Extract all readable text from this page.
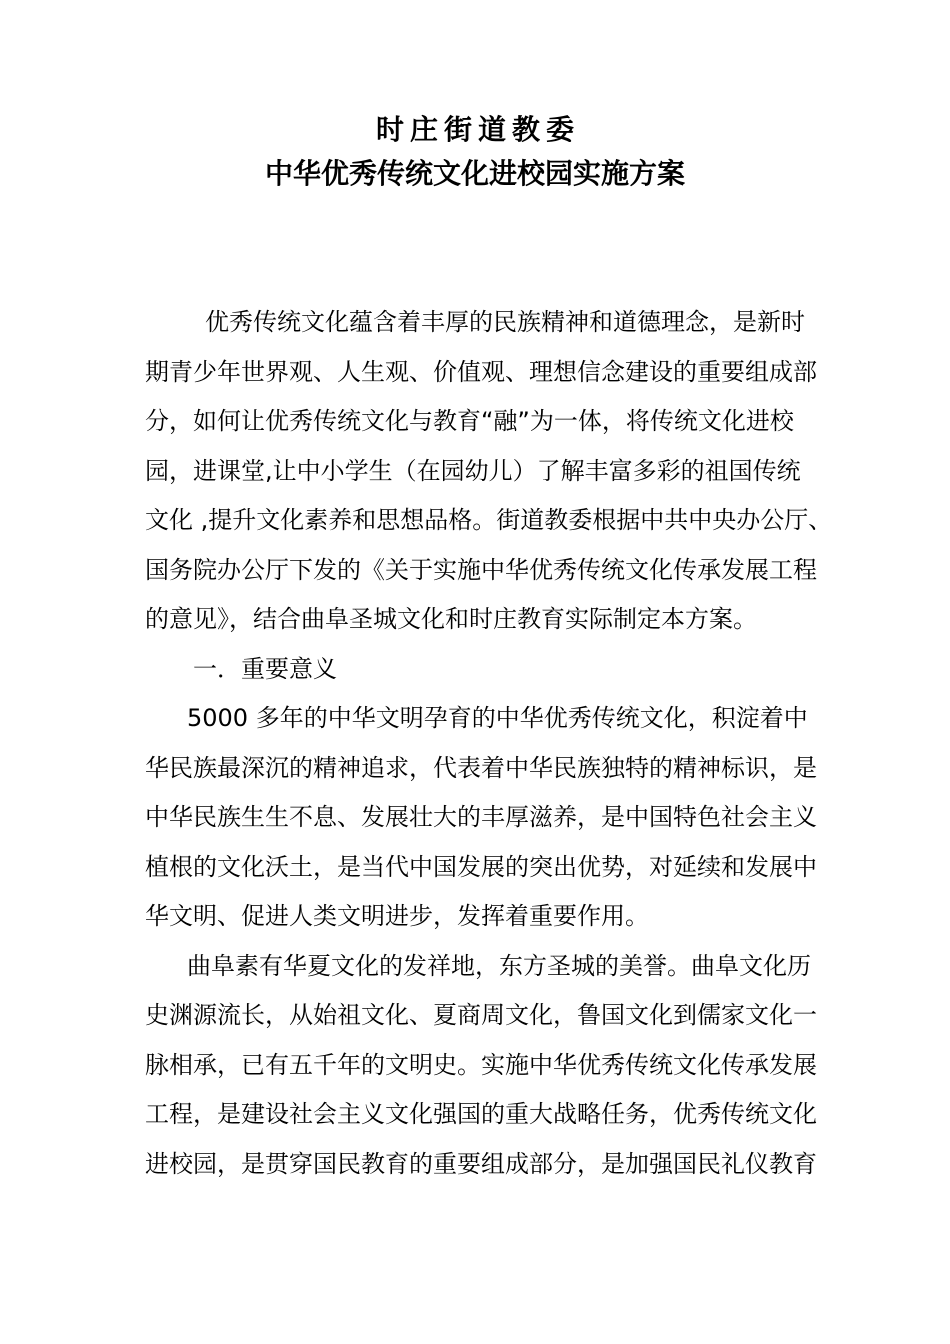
时庄街道教委
中华优秀传统文化进校园实施方案
优秀传统文化蕴含着丰厚的民族精神和道德理念，是新时
期青少年世界观、人生观、价值观、理想信念建设的重要组成部
分，如何让优秀传统文化与教育“融”为一体，将传统文化进校
园，进课堂,让中小学生（在园幼儿）了解丰富多彩的祖国传统
文化 ,提升文化素养和思想品格。街道教委根据中共中央办公厅、
国务院办公厅下发的《关于实施中华优秀传统文化传承发展工程
的意见》，结合曲阜圣城文化和时庄教育实际制定本方案。
一．重要意义
5000 多年的中华文明孕育的中华优秀传统文化，积淀着中
华民族最深沉的精神追求，代表着中华民族独特的精神标识，是
中华民族生生不息、发展壮大的丰厚滋养，是中国特色社会主义
植根的文化沃土，是当代中国发展的突出优势，对延续和发展中
华文明、促进人类文明进步，发挥着重要作用。
曲阜素有华夏文化的发祥地，东方圣城的美誉。曲阜文化历
史渊源流长，从始祖文化、夏商周文化，鲁国文化到儒家文化一
脉相承，已有五千年的文明史。实施中华优秀传统文化传承发展
工程，是建设社会主义文化强国的重大战略任务，优秀传统文化
进校园，是贯穿国民教育的重要组成部分，是加强国民礼仪教育
